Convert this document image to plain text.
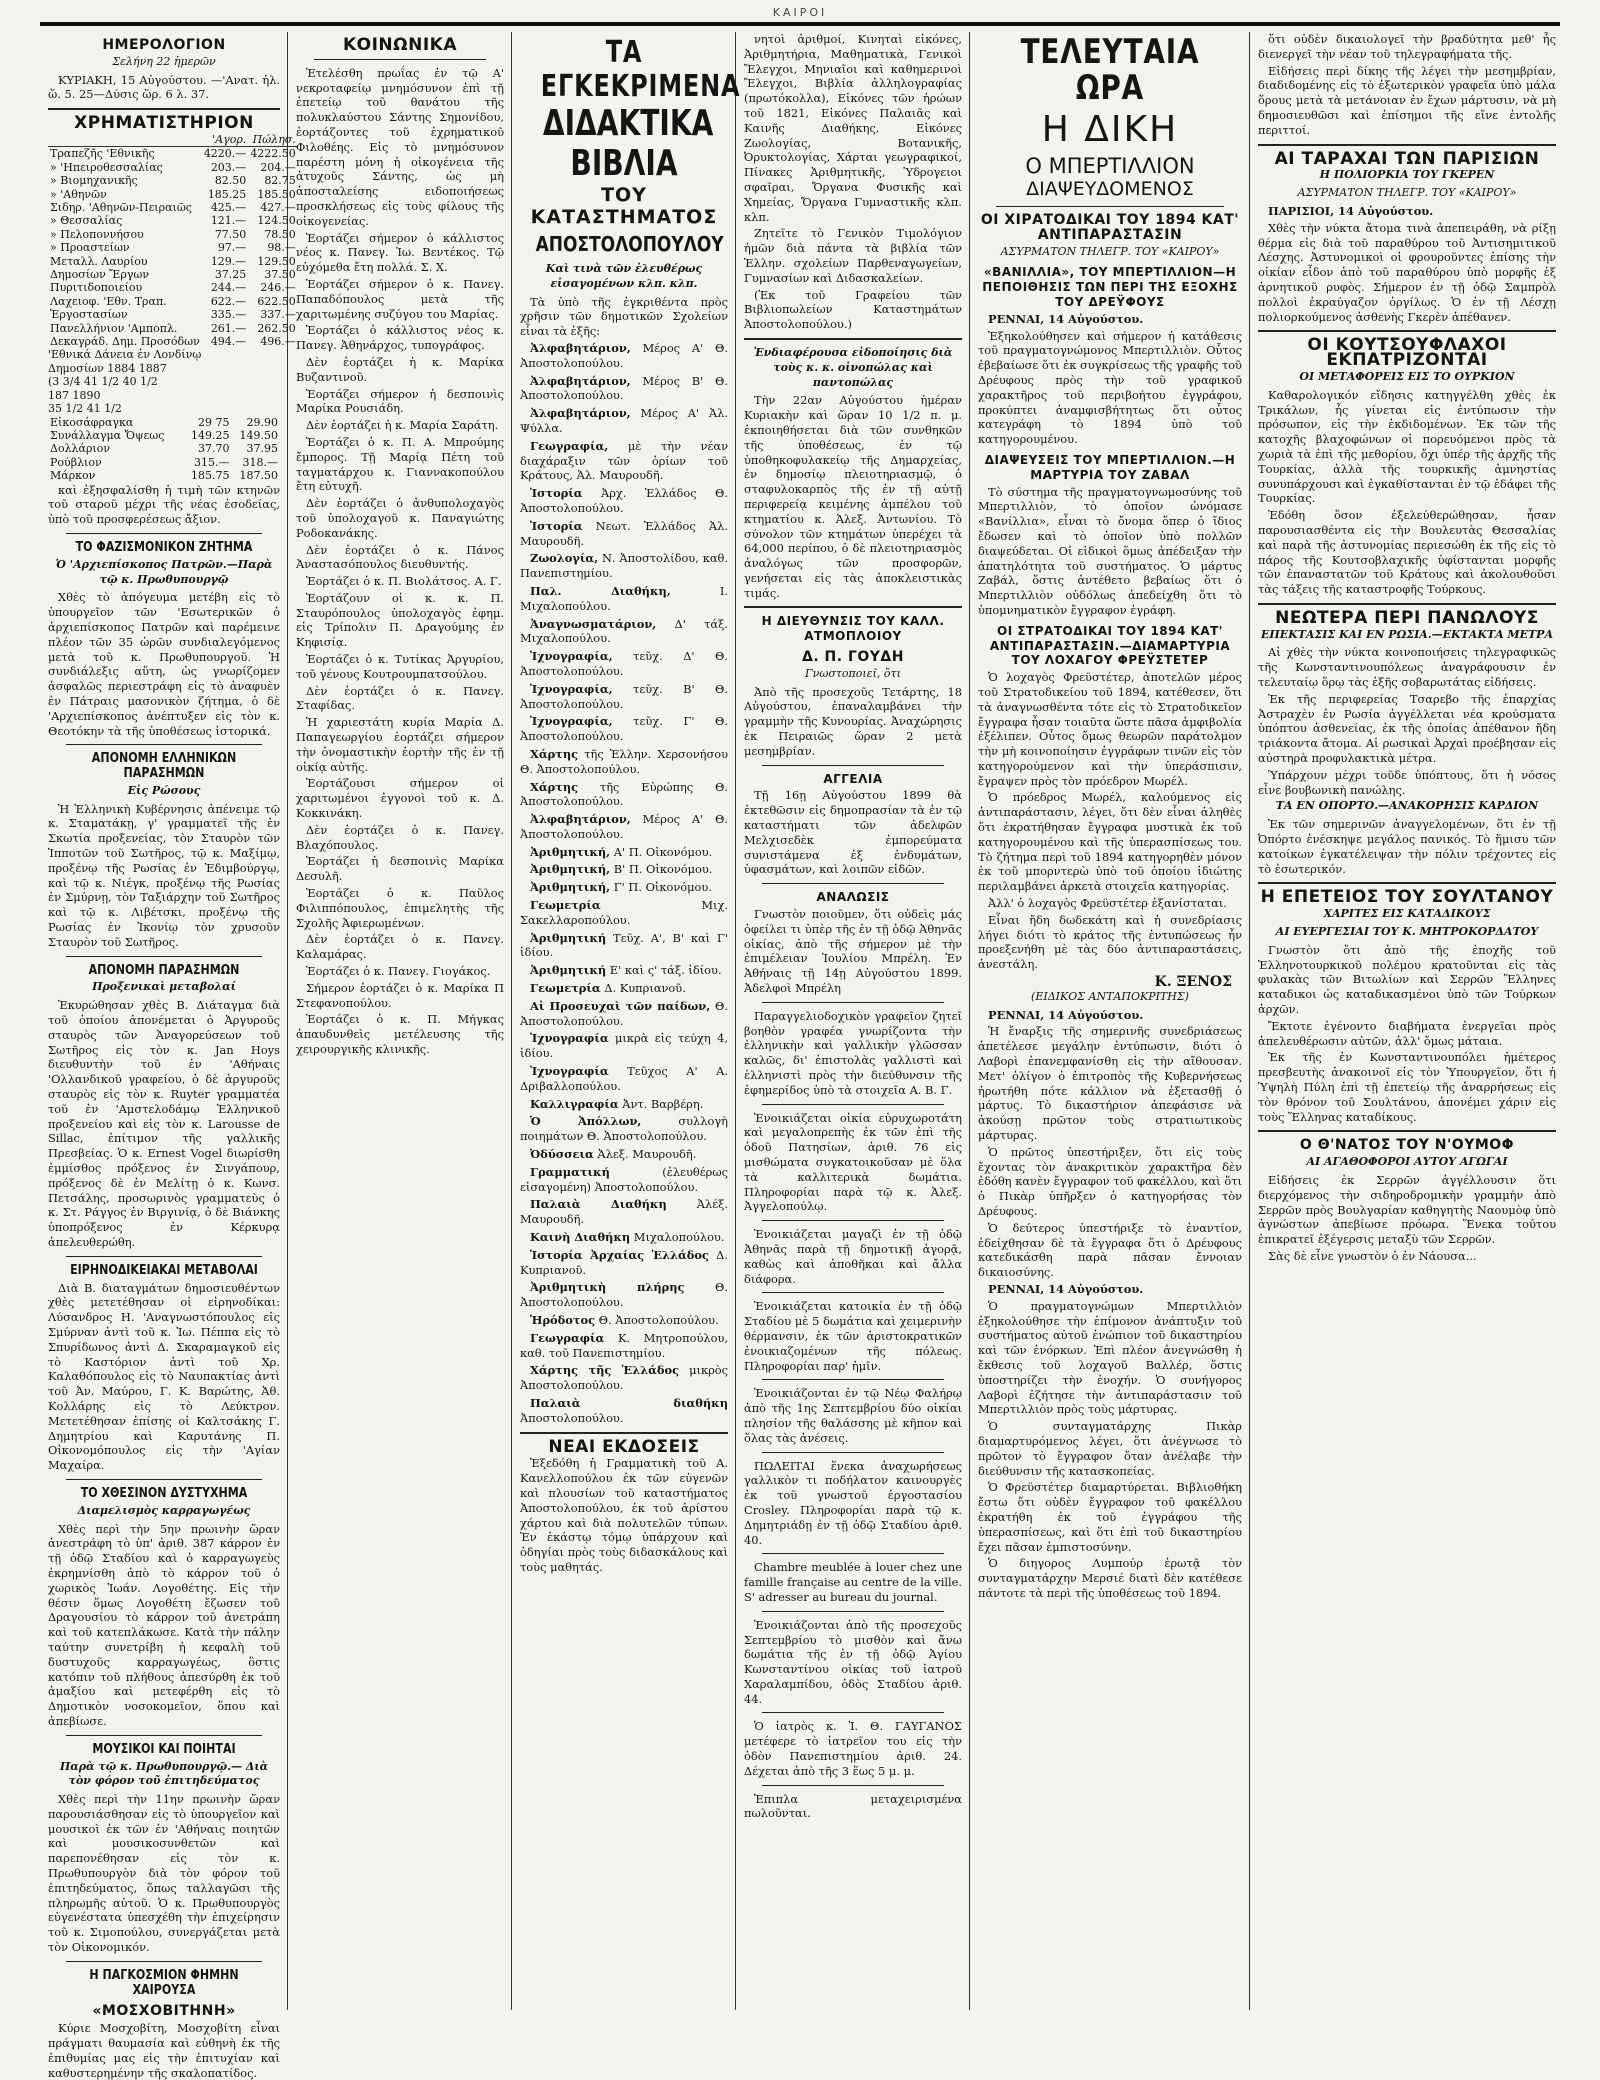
ΚΑΙΡΟΙ
ΗΜΕΡΟΛΟΓΙΟΝ
Σελήνη 22 ἡμερῶν
ΚΥΡΙΑΚΗ, 15 Αὐγούστου. —'Ανατ. ἡλ. ὥ. 5. 25—Δύσις ὥρ. 6 λ. 37.
ΧΡΗΜΑΤΙΣΤΗΡΙΟΝ
	'Αγορ.	Πώλησ.
Τραπεζῆς 'Εθνικῆς	4220.—	4222.50
» 'Ηπειροθεσσαλίας	203.—	204.—
» Βιομηχανικῆς	82.50	82.75
» 'Αθηνῶν	185.25	185.50
Σιδηρ. 'Αθηνῶν-Πειραιῶς	425.—	427.—
» Θεσσαλίας	121.—	124.50
» Πελοποννήσου	77.50	78.50
» Προαστείων	97.—	98.—
Μεταλλ. Λαυρίου	129.—	129.50
Δημοσίων Ἔργων	37.25	37.50
Πυριτιδοποιείου	244.—	246.—
Λαχειοφ. 'Εθν. Τραπ.	622.—	622.50
Ἐργοστασίων	335.—	337.—
Πανελλήνιον 'Αμποπλ.	261.—	262.50
Δεκαγράδ. Δημ. Προσόδων	494.—	496.—
'Εθνικά Δάνεια ἐν Λονδίνῳ
Δημοσίων 1884 1887
(3 3/4 41 1/2 40 1/2
187 1890
35 1/2 41 1/2
Εἰκοσάφραγκα	29 75	29.90
Συνάλλαγμα Ὄψεως	149.25	149.50
Δολλάριον	37.70	37.95
Ρούβλιον	315.—	318.—
Μάρκον	185.75	187.50
καὶ ἐξησφαλίσθη ἡ τιμὴ τῶν κτηνῶν τοῦ σταροῦ μέχρι τῆς νέας ἐσοδείας, ὑπὸ τοῦ προσφερέσεως ἄξιον.
ΤΟ ΦΑΖΙΣΜΟΝΙΚΟΝ ΖΗΤΗΜΑ
Ὁ 'Αρχιεπίσκοπος Πατρῶν.—Παρὰ τῷ κ. Πρωθυπουργῷ
Χθὲς τὸ ἀπόγευμα μετέβη εἰς τὸ ὑπουργεῖον τῶν 'Εσωτερικῶν ὁ ἀρχιεπίσκοπος Πατρῶν καὶ παρέμεινε πλέον τῶν 35 ὡρῶν συνδιαλεγόμενος μετὰ τοῦ κ. Πρωθυπουργοῦ. Ἡ συνδιάλεξις αὕτη, ὡς γνωρίζομεν ἀσφαλῶς περιεστράφη εἰς τὸ ἀναφυὲν ἐν Πάτραις μασονικὸν ζήτημα, ὁ δὲ 'Αρχιεπίσκοπος ἀνέπτυξεν εἰς τὸν κ. Θεοτόκην τὰ τῆς ὑποθέσεως ἰστορικά.
ΑΠΟΝΟΜΗ ΕΛΛΗΝΙΚΩΝ ΠΑΡΑΣΗΜΩΝ
Εἰς Ρώσους
Ἡ Ἑλληνικὴ Κυβέρνησις ἀπένειμε τῷ κ. Σταματάκῃ, γ' γραμματεῖ τῆς ἐν Σκωτία προξενείας, τὸν Σταυρὸν τῶν Ἱπποτῶν τοῦ Σωτῆρος, τῷ κ. Μαξίμῳ, προξένῳ τῆς Ρωσίας ἐν Ἐδιμβούργῳ, καὶ τῷ κ. Νιέγκ, προξένῳ τῆς Ρωσίας ἐν Σμύρνῃ, τὸν Ταξιάρχην τοῦ Σωτῆρος καὶ τῷ κ. Λιβέτσκι, προξένῳ τῆς Ρωσίας ἐν Ἰκονίῳ τὸν χρυσοῦν Σταυρὸν τοῦ Σωτῆρος.
ΑΠΟΝΟΜΗ ΠΑΡΑΣΗΜΩΝ
Προξενικαὶ μεταβολαί
Ἐκυρώθησαν χθὲς Β. Διάταγμα διὰ τοῦ ὁποίου ἀπονέμεται ὁ Ἀργυροῦς σταυρὸς τῶν Ἀναγορεύσεων τοῦ Σωτῆρος εἰς τὸν κ. Jan Hoys διευθυντὴν τοῦ ἐν 'Αθήναις 'Ολλανδικοῦ γραφείου, ὁ δὲ ἀργυροῦς σταυρὸς εἰς τὸν κ. Ruyter γραμματέα τοῦ ἐν 'Αμστελοδάμῳ Ἑλληνικοῦ προξενείου καὶ εἰς τὸν κ. Larousse de Sillac, ἐπίτιμον τῆς γαλλικῆς Πρεσβείας. Ὁ κ. Ernest Vogel διωρίσθη ἐμμίσθος πρόξενος ἐν Σινγάπουρ, πρόξενος δὲ ἐν Μελίτῃ ὁ κ. Κωνσ. Πετσάλης, προσωρινὸς γραμματεὺς ὁ κ. Στ. Ράγγος ἐν Βιργινίᾳ, ὁ δὲ Βιάνκης ὑποπρόξενος ἐν Κέρκυρᾳ ἀπελευθερώθη.
ΕΙΡΗΝΟΔΙΚΕΙΑΚΑΙ ΜΕΤΑΒΟΛΑΙ
Διὰ Β. διαταγμάτων δημοσιευθέντων χθὲς μετετέθησαν οἱ εἰρηνοδίκαι: Λύσανδρος Η. 'Αναγνωστόπουλος εἰς Σμύρναν ἀντὶ τοῦ κ. Ἰω. Πέππα εἰς τὸ Σπυρίδωνος ἀντὶ Δ. Σκαραμαγκοῦ εἰς τὸ Καστόριον ἀντὶ τοῦ Χρ. Καλαθόπουλος εἰς τὸ Ναυπακτίας ἀντὶ τοῦ Ἀν. Μαύρου, Γ. Κ. Βαρώτης, Ἀθ. Κολλάρης εἰς τὸ Λεύκτρον. Μετετέθησαν ἐπίσης οἱ Καλτσάκης Γ. Δημητρίου καὶ Καρυτάνης Π. Οἰκονομόπουλος εἰς τὴν 'Αγίαν Μαχαίρα.
ΤΟ ΧΘΕΣΙΝΟΝ ΔΥΣΤΥΧΗΜΑ
Διαμελισμὸς καρραγωγέως
Χθὲς περὶ τὴν 5ην πρωινὴν ὥραν ἀνεστράφη τὸ ὑπ' ἀριθ. 387 κάρρον ἐν τῇ ὁδῷ Σταδίου καὶ ὁ καρραγωγεὺς ἐκρημνίσθη ἀπὸ τὸ κάρρον τοῦ ὁ χωρικὸς Ἰωάν. Λογοθέτης. Εἰς τὴν θέσιν ὅμως Λογοθέτη ἔζωσεν τοῦ Δραγουσίου τὸ κάρρον τοῦ ἀνετράπη καὶ τοῦ κατεπλάκωσε. Κατὰ τὴν πάλην ταύτην συνετρίβη ἡ κεφαλὴ τοῦ δυστυχοῦς καρραγωγέως, ὃστις κατόπιν τοῦ πλήθους ἀπεσύρθη ἐκ τοῦ ἁμαξίου καὶ μετεφέρθη εἰς τὸ Δημοτικὸν νοσοκομεῖον, ὅπου καὶ ἀπεβίωσε.
ΜΟΥΣΙΚΟΙ ΚΑΙ ΠΟΙΗΤΑΙ
Παρὰ τῷ κ. Πρωθυπουργῷ.— Διὰ τὸν φόρον τοῦ ἐπιτηδεύματος
Χθὲς περὶ τὴν 11ην πρωινὴν ὥραν παρουσιάσθησαν εἰς τὸ ὑπουργεῖον καὶ μουσικοὶ ἐκ τῶν ἐν 'Αθήναις ποιητῶν καὶ μουσικοσυνθετῶν καὶ παρεπονέθησαν εἰς τὸν κ. Πρωθυπουργὸν διὰ τὸν φόρον τοῦ ἐπιτηδεύματος, ὅπως ταλλαγῶσι τῆς πληρωμῆς αὐτοῦ. Ὁ κ. Πρωθυπουργὸς εὐγενέστατα ὑπεσχέθη τὴν ἐπιχείρησιν τοῦ κ. Σιμοπούλου, συνεργάζεται μετὰ τὸν Οἰκονομικόν.
Η ΠΑΓΚΟΣΜΙΟΝ ΦΗΜΗΝ ΧΑΙΡΟΥΣΑ
«ΜΟΣΧΟΒΙΤΗΝΗ»
Κύριε Μοσχοβίτη, Μοσχοβίτη εἶναι πράγματι θαυμασία καὶ εὐθηνὴ ἐκ τῆς ἐπιθυμίας μας εἰς τὴν ἐπιτυχίαν καὶ καθυστερημένην τῆς σκαλοπατίδος.
ΚΟΙΝΩΝΙΚΑ
Ἐτελέσθη πρωΐας ἐν τῷ Α' νεκροταφείῳ μνημόσυνον ἐπὶ τῇ ἐπετείῳ τοῦ θανάτου τῆς πολυκλαύστου Σάντης Σημονίδου, ἑορτάζοντες τοῦ ἐχρηματικοῦ Φιλοθέης. Εἰς τὸ μνημόσυνον παρέστη μόνη ἡ οἰκογένεια τῆς ἀτυχοῦς Σάντης, ὡς μὴ ἀποσταλείσης ειδοποιήσεως προσκλήσεως εἰς τοὺς φίλους τῆς οἰκογενείας.
Ἑορτάζει σήμερον ὁ κάλλιστος νέος κ. Πανεγ. Ἰω. Βεντέκος. Τῷ εὐχόμεθα ἔτη πολλά. Σ. Χ.
Ἑορτάζει σήμερον ὁ κ. Πανεγ. Παπαδόπουλος μετὰ τῆς χαριτωμένης συζύγου του Μαρίας.
Ἑορτάζει ὁ κάλλιστος νέος κ. Πανεγ. Ἀθηνάρχος, τυπογράφος.
Δὲν ἑορτάζει ἡ κ. Μαρίκα Βυζαντινοῦ.
Ἑορτάζει σήμερον ἡ δεσποινὶς Μαρίκα Ρουσιάδη.
Δὲν ἑορτάζει ἡ κ. Μαρία Σαράτη.
Ἑορτάζει ὁ κ. Π. Α. Μπρούμης ἔμπορος. Τῇ Μαρίᾳ Πέτη τοῦ ταγματάρχου κ. Γιαννακοπούλου ἔτη εὐτυχῆ.
Δὲν ἑορτάζει ὁ ἀνθυπολοχαγὸς τοῦ ὑπολοχαγοῦ κ. Παναγιώτης Ροδοκανάκης.
Δὲν ἑορτάζει ὁ κ. Πάνος Ἀναστασόπουλος διευθυντής.
Ἑορτάζει ὁ κ. Π. Βιολάτσος. Α. Γ.
Ἑορτάζουν οἱ κ. κ. Π. Σταυρόπουλος ὑπολοχαγὸς ἐφημ. εἰς Τρίπολιν Π. Δραγούμης ἐν Κηφισίᾳ.
Ἑορτάζει ὁ κ. Τυτίκας Ἀργυρίου, τοῦ γένους Κουτρουμπατσούλου.
Δὲν ἑορτάζει ὁ κ. Πανεγ. Σταφίδας.
Ἡ χαριεστάτη κυρία Μαρία Δ. Παπαγεωργίου ἑορτάζει σήμερον τὴν ὀνομαστικὴν ἑορτὴν τῆς ἐν τῇ οἰκίᾳ αὐτῆς.
Ἑορτάζουσι σήμερον οἱ χαριτωμένοι ἐγγονοὶ τοῦ κ. Δ. Κοκκινάκη.
Δὲν ἑορτάζει ὁ κ. Πανεγ. Βλαχόπουλος.
Ἑορτάζει ἡ δεσποινὶς Μαρίκα Δεσυλῆ.
Ἑορτάζει ὁ κ. Παῦλος Φιλιππόπουλος, ἐπιμελητὴς τῆς Σχολῆς Ἀφιερωμένων.
Δὲν ἑορτάζει ὁ κ. Πανεγ. Καλαμάρας.
Ἑορτάζει ὁ κ. Πανεγ. Γιογάκος.
Σήμερον ἑορτάζει ὁ κ. Μαρίκα Π Στεφανοπούλου.
Ἑορτάζει ὁ κ. Π. Μήγκας ἀπαυδυνθεὶς μετέλευσης τῆς χειρουργικῆς κλινικῆς.
ΤΑ ΕΓΚΕΚΡΙΜΕΝΑ
ΔΙΔΑΚΤΙΚΑ ΒΙΒΛΙΑ
ΤΟΥ ΚΑΤΑΣΤΗΜΑΤΟΣ
ΑΠΟΣΤΟΛΟΠΟΥΛΟΥ
Καὶ τινὰ τῶν ἐλευθέρως εἰσαγομένων κλπ. κλπ.
Τὰ ὑπὸ τῆς ἐγκριθέντα πρὸς χρῆσιν τῶν δημοτικῶν Σχολείων εἶναι τὰ ἑξῆς:
Ἀλφαβητάριον, Μέρος Α' Θ. Ἀποστολοπούλου.
Ἀλφαβητάριον, Μέρος Β' Θ. Ἀποστολοπούλου.
Ἀλφαβητάριον, Μέρος Α' Ἀλ. Ψύλλα.
Γεωγραφία, μὲ τὴν νέαν διαχάραξιν τῶν ὁρίων τοῦ Κράτους, Ἀλ. Μαυρουδῆ.
Ἱστορία Ἀρχ. Ἑλλάδος Θ. Ἀποστολοπούλου.
Ἱστορία Νεωτ. Ἑλλάδος Ἀλ. Μαυρουδῆ.
Ζωολογία, Ν. Ἀποστολίδου, καθ. Πανεπιστημίου.
Παλ. Διαθήκη,	Ι. Μιχαλοπούλου.
Ἀναγνωσματάριον, Δ' τάξ. Μιχαλοπούλου.
Ἰχνογραφία, τεῦχ. Δ' Θ. Ἀποστολοπούλου.
Ἰχνογραφία, τεῦχ. Β' Θ. Ἀποστολοπούλου.
Ἰχνογραφία, τεῦχ. Γ' Θ. Ἀποστολοπούλου.
Χάρτης τῆς Ἑλλην. Χερσονήσου Θ. Ἀποστολοπούλου.
Χάρτης τῆς Εὐρώπης Θ. Ἀποστολοπούλου.
Ἀλφαβητάριον, Μέρος Α' Θ. Ἀποστολοπούλου.
Ἀριθμητική, Α' Π. Οἰκονόμου.
Ἀριθμητική, Β' Π. Οἰκονόμου.
Ἀριθμητική, Γ' Π. Οἰκονόμου.
Γεωμετρία	Μιχ. Σακελλαροπούλου.
Ἀριθμητική Τεῦχ. Α', Β' καὶ Γ' ἰδίου.
Ἀριθμητική Ε' καὶ ς' τάξ. ἰδίου.
Γεωμετρία Δ. Κυπριανοῦ.
Αἱ Προσευχαὶ τῶν παίδων, Θ. Ἀποστολοπούλου.
Ἰχνογραφία μικρὰ εἰς τεύχη 4, ἰδίου.
Ἰχνογραφία Τεῦχος Α' Α. Δριβαλλοπούλου.
Καλλιγραφία Ἀντ. Βαρβέρη.
Ὁ Ἀπόλλων,	συλλογὴ ποιημάτων Θ. Ἀποστολοπούλου.
Ὀδύσσεια Ἀλεξ. Μαυρουδῆ.
Γραμματική	(ἐλευθέρως εἰσαγομένη) Ἀποστολοπούλου.
Παλαιὰ Διαθήκη	Ἀλέξ. Μαυρουδῆ.
Καινὴ Διαθήκη Μιχαλοπούλου.
Ἱστορία Ἀρχαίας Ἑλλάδος Δ. Κυπριανοῦ.
Ἀριθμητικὴ πλήρης	Θ. Ἀποστολοπούλου.
Ἡρόδοτος Θ. Ἀποστολοπούλου.
Γεωγραφία Κ. Μητροπούλου, καθ. τοῦ Πανεπιστημίου.
Χάρτης τῆς Ἑλλάδος μικρὸς Ἀποστολοπούλου.
Παλαιὰ διαθήκη Ἀποστολοπούλου.
ΝΕΑΙ ΕΚΔΟΣΕΙΣ
Ἐξεδόθη ἡ Γραμματικὴ τοῦ Α. Κανελλοπούλου ἐκ τῶν εὐγενῶν καὶ πλουσίων τοῦ καταστήματος Ἀποστολοπούλου, ἐκ τοῦ ἀρίστου χάρτου καὶ διὰ πολυτελῶν τύπων. Ἐν ἑκάστῳ τόμῳ ὑπάρχουν καὶ ὁδηγίαι πρὸς τοὺς διδασκάλους καὶ τοὺς μαθητάς.
νητοὶ ἀριθμοί, Κινηταὶ εἰκόνες, Ἀριθμητήρια, Μαθηματικὰ, Γενικοὶ Ἔλεγχοι, Μηνιαῖοι καὶ καθημερινοὶ Ἔλεγχοι, Βιβλία ἀλληλογραφίας (πρωτόκολλα), Εἰκόνες τῶν ἡρώων τοῦ 1821, Εἰκόνες Παλαιᾶς καὶ Καινῆς Διαθήκης, Εἰκόνες Ζωολογίας, Βοτανικῆς, Ὀρυκτολογίας, Χάρται γεωγραφικοί, Πίνακες Ἀριθμητικῆς, Ὑδρογειοι σφαῖραι, Ὄργανα Φυσικῆς καὶ Χημείας, Ὄργανα Γυμναστικῆς κλπ. κλπ.
Ζητεῖτε τὸ Γενικὸν Τιμολόγιον ἡμῶν διὰ πάντα τὰ βιβλία τῶν Ἑλλην. σχολείων Παρθεναγωγείων, Γυμνασίων καὶ Διδασκαλείων.
(Ἐκ τοῦ Γραφείου τῶν Βιβλιοπωλείων Καταστημάτων Ἀποστολοπούλου.)
Ἐνδιαφέρουσα εἰδοποίησις διὰ τοὺς κ. κ. οἰνοπώλας καὶ παντοπώλας
Τὴν 22αν Αὐγούστου ἡμέραν Κυριακὴν καὶ ὥραν 10 1/2 π. μ. ἐκποιηθήσεται διὰ τῶν συνθηκῶν τῆς ὑποθέσεως, ἐν τῷ ὑποθηκοφυλακείῳ τῆς Δημαρχείας, ἐν δημοσίῳ πλειοτηριασμῷ, ὁ σταφυλοκαρπὸς τῆς ἐν τῇ αὐτῇ περιφερείᾳ κειμένης ἀμπέλου τοῦ κτηματίου κ. Ἀλεξ. Ἀντωνίου. Τὸ σύνολον τῶν κτημάτων ὑπερέχει τὰ 64,000 περίπου, ὁ δὲ πλειοτηριασμὸς ἀναλόγως τῶν προσφορῶν, γενήσεται εἰς τὰς ἀποκλειστικὰς τιμάς.
Η ΔΙΕΥΘΥΝΣΙΣ ΤΟΥ ΚΑΛΛ. ΑΤΜΟΠΛΟΙΟΥ
Δ. Π. ΓΟΥΔΗ
Γνωστοποιεῖ, ὅτι
Ἀπὸ τῆς προσεχοῦς Τετάρτης, 18 Αὐγούστου, ἐπαναλαμβάνει τὴν γραμμὴν τῆς Κυνουρίας. Ἀναχώρησις ἐκ Πειραιῶς ὥραν 2 μετὰ μεσημβρίαν.
ΑΓΓΕΛΙΑ
Τῇ 16ῃ Αὐγούστου 1899 θὰ ἐκτεθῶσιν εἰς δημοπρασίαν τὰ ἐν τῷ καταστήματι τῶν ἀδελφῶν Μελχισεδὲκ ἐμπορεύματα συνιστάμενα ἐξ ἐνδυμάτων, ὑφασμάτων, καὶ λοιπῶν εἰδῶν.
ΑΝΑΛΩΣΙΣ
Γνωστὸν ποιοῦμεν, ὅτι οὐδεὶς μάς ὀφείλει τι ὑπὲρ τῆς ἐν τῇ ὁδῷ Ἀθηνᾶς οἰκίας, ἀπὸ τῆς σήμερον μὲ τὴν ἐπιμέλειαν Ἰουλίου Μπρέλη. Ἐν Ἀθήναις τῇ 14ῃ Αὐγούστου 1899. Ἀδελφοὶ Μπρέλη
Παραγγελιοδοχικὸν γραφεῖον ζητεῖ βοηθὸν γραφέα γνωρίζοντα τὴν ἑλληνικὴν καὶ γαλλικὴν γλῶσσαν καλῶς, δι' ἐπιστολὰς γαλλιστὶ καὶ ἑλληνιστὶ πρὸς τὴν διεύθυνσιν τῆς ἐφημερίδος ὑπὸ τὰ στοιχεῖα Α. Β. Γ.
Ἐνοικιάζεται οἰκία εὐρυχωροτάτη καὶ μεγαλοπρεπὴς ἐκ τῶν ἐπὶ τῆς ὁδοῦ Πατησίων, ἀριθ. 76 εἰς μισθώματα συγκατοικοῦσαν μὲ ὅλα τὰ καλλιτερικὰ δωμάτια. Πληροφορίαι παρὰ τῷ κ. Ἀλεξ. Ἀγγελοπούλῳ.
Ἐνοικιάζεται μαγαζὶ ἐν τῇ ὁδῷ Ἀθηνᾶς παρὰ τῇ δημοτικῇ ἀγορᾷ, καθὼς καὶ ἀποθῆκαι καὶ ἄλλα διάφορα.
Ἐνοικιάζεται κατοικία ἐν τῇ ὁδῷ Σταδίου μὲ 5 δωμάτια καὶ χειμερινὴν θέρμανσιν, ἐκ τῶν ἀριστοκρατικῶν ἐνοικιαζομένων τῆς πόλεως. Πληροφορίαι παρ' ἡμῖν.
Ἐνοικιάζονται ἐν τῷ Νέῳ Φαλήρῳ ἀπὸ τῆς 1ης Σεπτεμβρίου δύο οἰκίαι πλησίον τῆς θαλάσσης μὲ κῆπον καὶ ὅλας τὰς ἀνέσεις.
ΠΩΛΕΙΤΑΙ ἕνεκα ἀναχωρήσεως γαλλικὸν τι ποδήλατον καινουργὲς ἐκ τοῦ γνωστοῦ ἐργοστασίου Crosley. Πληροφορίαι παρὰ τῷ κ. Δημητριάδῃ ἐν τῇ ὁδῷ Σταδίου ἀριθ. 40.
Chambre meublée à louer chez une famille française au centre de la ville. S' adresser au bureau du journal.
Ἐνοικιάζονται ἀπὸ τῆς προσεχοῦς Σεπτεμβρίου τὸ μισθὸν καὶ ἄνω δωμάτια τῆς ἐν τῇ ὁδῷ Ἀγίου Κωνσταντίνου οἰκίας τοῦ ἰατροῦ Χαραλαμπίδου, ὁδὸς Σταδίου ἀριθ. 44.
Ὁ ἰατρὸς κ. Ἰ. Θ. ΓΑΥΓΑΝΟΣ μετέφερε τὸ ἰατρεῖον του εἰς τὴν ὁδὸν Πανεπιστημίου ἀριθ. 24. Δέχεται ἀπὸ τῆς 3 ἕως 5 μ. μ.
Ἐπιπλα μεταχειρισμένα πωλοῦνται.
ΤΕΛΕΥΤΑΙΑ ΩΡΑ
Η ΔΙΚΗ
Ο ΜΠΕΡΤΙΛΛΙΟΝ
ΔΙΑΨΕΥΔΟΜΕΝΟΣ
ΟΙ ΧΙΡΑΤΟΔΙΚΑΙ ΤΟΥ 1894 ΚΑΤ' ΑΝΤΙΠΑΡΑΣΤΑΣΙΝ
ΑΣΥΡΜΑΤΟΝ ΤΗΛΕΓΡ. ΤΟΥ «ΚΑΙΡΟΥ»
«ΒΑΝΙΛΛΙΑ», ΤΟΥ ΜΠΕΡΤΙΛΛΙΟΝ—Η ΠΕΠΟΙΘΗΣΙΣ ΤΩΝ ΠΕΡΙ ΤΗΣ ΕΞΟΧΗΣ ΤΟΥ ΔΡΕΫΦΟΥΣ
ΡΕΝΝΑΙ, 14 Αὐγούστου.
Ἐξηκολούθησεν καὶ σήμερον ἡ κατάθεσις τοῦ πραγματογνώμονος Μπερτιλλιὸν. Οὗτος ἐβεβαίωσε ὅτι ἐκ συγκρίσεως τῆς γραφῆς τοῦ Δρέυφους πρὸς τὴν τοῦ γραφικοῦ χαρακτῆρος τοῦ περιβοήτου ἐγγράφου, προκύπτει ἀναμφισβήτητως ὅτι οὗτος κατεγράφη τὸ 1894 ὑπὸ τοῦ κατηγορουμένου.
ΔΙΑΨΕΥΣΕΙΣ ΤΟΥ ΜΠΕΡΤΙΛΛΙΟΝ.—Η ΜΑΡΤΥΡΙΑ ΤΟΥ ΖΑΒΑΛ
Τὸ σύστημα τῆς πραγματογνωμοσύνης τοῦ Μπερτιλλιὸν, τὸ ὁποῖον ὠνόμασε «Βανίλλια», εἶναι τὸ ὄνομα ὅπερ ὁ ἴδιος ἔδωσεν καὶ τὸ ὁποῖον ὑπὸ πολλῶν διαψεύδεται. Οἱ εἰδικοὶ ὅμως ἀπέδειξαν τὴν ἀπατηλότητα τοῦ συστήματος. Ὁ μάρτυς Ζαβάλ, ὅστις ἀντέθετο βεβαίως ὅτι ὁ Μπερτιλλιὸν οὐδόλως ἀπεδείχθη ὅτι τὸ ὑπομνηματικὸν ἔγγραφον ἐγράφη.
ΟΙ ΣΤΡΑΤΟΔΙΚΑΙ ΤΟΥ 1894 ΚΑΤ' ΑΝΤΙΠΑΡΑΣΤΑΣΙΝ.—ΔΙΑΜΑΡΤΥΡΙΑ ΤΟΥ ΛΟΧΑΓΟΥ ΦΡΕΫΣΤΕΤΕΡ
Ὁ λοχαγὸς Φρεϋστέτερ, ἀποτελῶν μέρος τοῦ Στρατοδικείου τοῦ 1894, κατέθεσεν, ὅτι τὰ ἀναγνωσθέντα τότε εἰς τὸ Στρατοδικεῖον ἔγγραφα ἦσαν τοιαῦτα ὥστε πᾶσα ἀμφιβολία ἐξέλιπεν. Οὗτος ὅμως θεωρῶν παράτολμον τὴν μὴ κοινοποίησιν ἐγγράφων τινῶν εἰς τὸν κατηγορούμενον καὶ τὴν ὑπεράσπισιν, ἔγραψεν πρὸς τὸν πρόεδρον Μωρέλ.
Ὁ πρόεδρος Μωρέλ, καλούμενος εἰς ἀντιπαράστασιν, λέγει, ὅτι δὲν εἶναι ἀληθὲς ὅτι ἐκρατήθησαν ἔγγραφα μυστικὰ ἐκ τοῦ κατηγορουμένου καὶ τῆς ὑπερασπίσεως του. Τὸ ζήτημα περὶ τοῦ 1894 κατηγορηθὲν μόνον ἐκ τοῦ μπορντερὼ ὑπὸ τοῦ ὁποίου ἰδιώτης περιλαμβάνει ἀρκετὰ στοιχεῖα κατηγορίας.
Ἀλλ' ὁ λοχαγὸς Φρεϋστέτερ ἐξανίσταται.
Εἶναι ἤδη δωδεκάτη καὶ ἡ συνεδρίασις λήγει διότι τὸ κράτος τῆς ἐντυπώσεως ἦν προεξενήθη μὲ τὰς δύο ἀντιπαραστάσεις, ἀνεστάλη.
Κ. ΞΕΝΟΣ
(ΕΙΔΙΚΟΣ ΑΝΤΑΠΟΚΡΙΤΗΣ)
ΡΕΝΝΑΙ, 14 Αὐγούστου.
Ἡ ἔναρξις τῆς σημερινῆς συνεδριάσεως ἀπετέλεσε μεγάλην ἐντύπωσιν, διότι ὁ Λαβορὶ ἐπανεμφανίσθη εἰς τὴν αἴθουσαν. Μετ' ὀλίγον ὁ ἐπιτροπὸς τῆς Κυβερνήσεως ἠρωτήθη πότε κάλλιον νὰ ἐξετασθῇ ὁ μάρτυς. Τὸ δικαστήριον ἀπεφάσισε νὰ ἀκούσῃ πρῶτον τοὺς στρατιωτικοὺς μάρτυρας.
Ὁ πρῶτος ὑπεστήριξεν, ὅτι εἰς τοὺς ἔχοντας τὸν ἀνακριτικὸν χαρακτῆρα δὲν ἐδόθη κανὲν ἔγγραφον τοῦ φακέλλου, καὶ ὅτι ὁ Πικὰρ ὑπῆρξεν ὁ κατηγορήσας τὸν Δρέυφους.
Ὁ δεύτερος ὑπεστήριξε τὸ ἐναντίον, ἐδείχθησαν δὲ τὰ ἔγγραφα ὅτι ὁ Δρέυφους κατεδικάσθη παρὰ πᾶσαν ἔννοιαν δικαιοσύνης.
ΡΕΝΝΑΙ, 14 Αὐγούστου.
Ὁ πραγματογνώμων Μπερτιλλιὸν ἐξηκολούθησε τὴν ἐπίμονον ἀνάπτυξιν τοῦ συστήματος αὐτοῦ ἐνώπιον τοῦ δικαστηρίου καὶ τῶν ἐνόρκων. Ἐπὶ πλέον ἀνεγνώσθη ἡ ἔκθεσις τοῦ λοχαγοῦ Βαλλέρ, ὅστις ὑποστηρίζει τὴν ἐνοχήν. Ὁ συνήγορος Λαβορὶ ἐζήτησε τὴν ἀντιπαράστασιν τοῦ Μπερτιλλιὸν πρὸς τοὺς μάρτυρας.
Ὁ συνταγματάρχης Πικὰρ διαμαρτυρόμενος λέγει, ὅτι ἀνέγνωσε τὸ πρῶτον τὸ ἔγγραφον ὅταν ἀνέλαβε τὴν διεύθυνσιν τῆς κατασκοπείας.
Ὁ Φρεϋστέτερ διαμαρτύρεται. Βιβλιοθήκη ἔστω ὅτι οὐδὲν ἔγγραφον τοῦ φακέλλου ἐκρατήθη ἐκ τοῦ ἐγγράφου τῆς ὑπερασπίσεως, καὶ ὅτι ἐπὶ τοῦ δικαστηρίου ἔχει πᾶσαν ἐμπιστοσύνην.
Ὁ διηγορος Λυμπούρ ἐρωτᾷ τὸν συνταγματάρχην Μερσιέ διατὶ δὲν κατέθεσε πάντοτε τὰ περὶ τῆς ὑποθέσεως τοῦ 1894.
ὅτι οὐδὲν δικαιολογεῖ τὴν βραδύτητα μεθ' ἧς διενεργεῖ τὴν νέαν τοῦ τηλεγραφήματα τῆς.
Εἰδήσεις περὶ δίκης τῆς λέγει τὴν μεσημβρίαν, διαδιδομένης εἰς τὸ ἐξωτερικὸν γραφεῖα ὑπὸ μάλα ὅρους μετὰ τὰ μετάνοιαν ἐν ἔχων μάρτυσιν, νὰ μὴ δημοσιευθῶσι καὶ ἐπίσημοι τῆς εἴνε ἐντολῆς περιττοί.
ΑΙ ΤΑΡΑΧΑΙ ΤΩΝ ΠΑΡΙΣΙΩΝ
Η ΠΟΛΙΟΡΚΙΑ ΤΟΥ ΓΚΕΡΕΝ
ΑΣΥΡΜΑΤΟΝ ΤΗΛΕΓΡ. ΤΟΥ «ΚΑΙΡΟΥ»
ΠΑΡΙΣΙΟΙ, 14 Αὐγούστου.
Χθὲς τὴν νύκτα ἄτομα τινὰ ἀπεπειράθη, νὰ ρίξῃ θέρμα εἰς διὰ τοῦ παραθύρου τοῦ Ἀντισημιτικοῦ Λέσχης. Ἀστυνομικοὶ οἱ φρουροῦντες ἐπίσης τὴν οἰκίαν εἶδον ἀπὸ τοῦ παραθύρου ὑπὸ μορφῆς ἐξ ἀρνητικοῦ ρυφὸς. Σήμερον ἐν τῇ ὁδῷ Σαμπρὸλ πολλοὶ ἐκραύγαζον ὀργίλως. Ὁ ἐν τῇ Λέσχῃ πολιορκούμενος ἀσθενὴς Γκερὲν ἀπέθανεν.
ΟΙ ΚΟΥΤΣΟΥΦΛΑΧΟΙ ΕΚΠΑΤΡΙΖΟΝΤΑΙ
ΟΙ ΜΕΤΑΦΟΡΕΙΣ ΕΙΣ ΤΟ ΟΥΡΚΙΟΝ
Καθαρολογικόν εἴδησις κατηγγέλθη χθὲς ἐκ Τρικάλων, ἧς γίνεται εἰς ἐντύπωσιν τὴν πρόσωπον, εἰς τὴν ἐκδιδομένων. Ἐκ τῶν τῆς κατοχῆς βλαχοφώνων οἱ πορευόμενοι πρὸς τὰ χωριὰ τὰ ἐπὶ τῆς μεθορίου, ὄχι ὑπέρ τῆς ἀρχῆς τῆς Τουρκίας, ἀλλὰ τῆς τουρκικῆς ἀμνηστίας συνυπάρχουσι καὶ ἐγκαθίστανται ἐν τῷ ἐδάφει τῆς Τουρκίας.
Ἐδόθη ὅσον ἐξελεύθερώθησαν, ἧσαν παρουσιασθέντα εἰς τὴν Βουλευτὰς Θεσσαλίας καὶ παρὰ τῆς ἀστυνομίας περιεσώθη ἐκ τῆς εἰς τὸ πάρος τῆς Κουτσοβλαχικῆς ὑφίστανται μορφῆς τῶν ἐπαναστατῶν τοῦ Κράτους καὶ ἀκολουθοῦσι τὰς τάξεις τῆς καταστροφῆς Τούρκους.
ΝΕΩΤΕΡΑ ΠΕΡΙ ΠΑΝΩΛΟΥΣ
ΕΠΕΚΤΑΣΙΣ ΚΑΙ ΕΝ ΡΩΣΙΑ.—ΕΚΤΑΚΤΑ ΜΕΤΡΑ
Αἱ χθὲς τὴν νύκτα κοινοποιήσεις τηλεγραφικῶς τῆς Κωνσταντινουπόλεως ἀναγράφουσιν ἐν τελευταίῳ ὅρῳ τὰς ἐξῆς σοβαρωτάτας εἰδήσεις.
Ἐκ τῆς περιφερείας Τσαρεβο τῆς ἐπαρχίας Ἀστραχὲν ἐν Ρωσία ἀγγέλλεται νέα κρούσματα ὑπόπτου ἀσθενείας, ἐκ τῆς ὁποίας ἀπέθανον ἤδη τριάκοντα ἄτομα. Αἱ ρωσικαὶ Ἀρχαὶ προέβησαν εἰς αὐστηρὰ προφυλακτικὰ μέτρα.
Ὑπάρχουν μέχρι τοῦδε ὑπόπτους, ὅτι ἡ νόσος εἶνε βουβωνικὴ πανώλης.
ΤΑ ΕΝ ΟΠΟΡΤΟ.—ΑΝΑΚΟΡΗΣΙΣ ΚΑΡΔΙΟΝ
Ἐκ τῶν σημερινῶν ἀναγγελομένων, ὅτι ἐν τῇ Ὀπόρτο ἐνέσκηψε μεγάλος πανικός. Τὸ ἥμισυ τῶν κατοίκων ἐγκατέλειψαν τὴν πόλιν τρέχοντες εἰς τὸ ἐσωτερικόν.
Η ΕΠΕΤΕΙΟΣ ΤΟΥ ΣΟΥΛΤΑΝΟΥ
ΧΑΡΙΤΕΣ ΕΙΣ ΚΑΤΑΔΙΚΟΥΣ
ΑΙ ΕΥΕΡΓΕΣΙΑΙ ΤΟΥ Κ. ΜΗΤΡΟΚΟΡΔΑΤΟΥ
Γνωστὸν ὅτι ἀπὸ τῆς ἐποχῆς τοῦ Ἑλληνοτουρκικοῦ πολέμου κρατοῦνται εἰς τὰς φυλακὰς τῶν Βιτωλίων καὶ Σερρῶν Ἕλληνες καταδικοι ὡς καταδικασμένοι ὑπὸ τῶν Τούρκων ἀρχῶν.
Ἔκτοτε ἐγένοντο διαβήματα ἐνεργεῖαι πρὸς ἀπελευθέρωσιν αὐτῶν, ἀλλ' ὅμως μάταια.
Ἐκ τῆς ἐν Κωνσταντινουπόλει ἡμέτερος πρεσβευτὴς ἀνακοινοῖ εἰς τὸν Ὑπουργεῖον, ὅτι ἡ Ὑψηλὴ Πύλη ἐπὶ τῇ ἐπετείῳ τῆς ἀναρρήσεως εἰς τὸν θρόνον τοῦ Σουλτάνου, ἀπονέμει χάριν εἰς τοὺς Ἕλληνας καταδίκους.
Ο Θ'ΝΑΤΟΣ ΤΟΥ Ν'ΟΥΜΟΦ
ΑΙ ΑΓΑΘΟΦΟΡΟΙ ΑΥΤΟΥ ΑΓΩΓΑΙ
Εἰδήσεις ἐκ Σερρῶν ἀγγέλλουσιν ὅτι διερχόμενος τὴν σιδηροδρομικὴν γραμμὴν ἀπὸ Σερρῶν πρὸς Βουλγαρίαν καθηγητὴς Ναουμὸφ ὑπὸ ἀγνώστων ἀπεβίωσε πρόωρα. Ἕνεκα τούτου ἐπικρατεῖ ἐξέγερσις μεταξὺ τῶν Σερρῶν.
Σὰς δὲ εἶνε γνωστὸν ὁ ἐν Νάουσα...
